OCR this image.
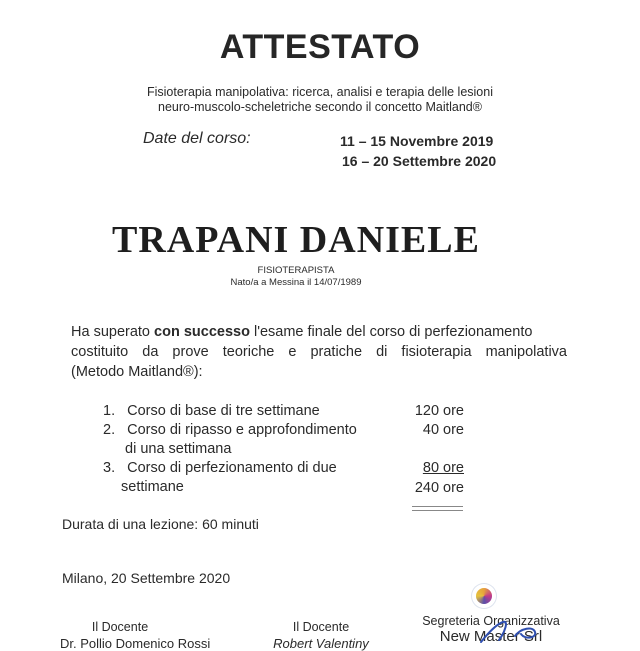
ATTESTATO
Fisioterapia manipolativa: ricerca, analisi e terapia delle lesioni
neuro-muscolo-scheletriche secondo il concetto Maitland®
Date del corso:	11 – 15 Novembre 2019
16 – 20 Settembre 2020
TRAPANI DANIELE
FISIOTERAPISTA
Nato/a a Messina il 14/07/1989
Ha superato con successo l'esame finale del corso di perfezionamento
costituito da prove teoriche e pratiche di fisioterapia manipolativa
(Metodo Maitland®):
1. Corso di base di tre settimane	120 ore
2. Corso di ripasso e approfondimento
di una settimana
40 ore
3. Corso di perfezionamento di due
settimane
80 ore
240 ore
Durata di una lezione: 60 minuti
Milano, 20 Settembre 2020
Il Docente
Dr. Pollio Domenico Rossi
Il Docente
Robert Valentiny
Segreteria Organizzativa
New Master Srl
